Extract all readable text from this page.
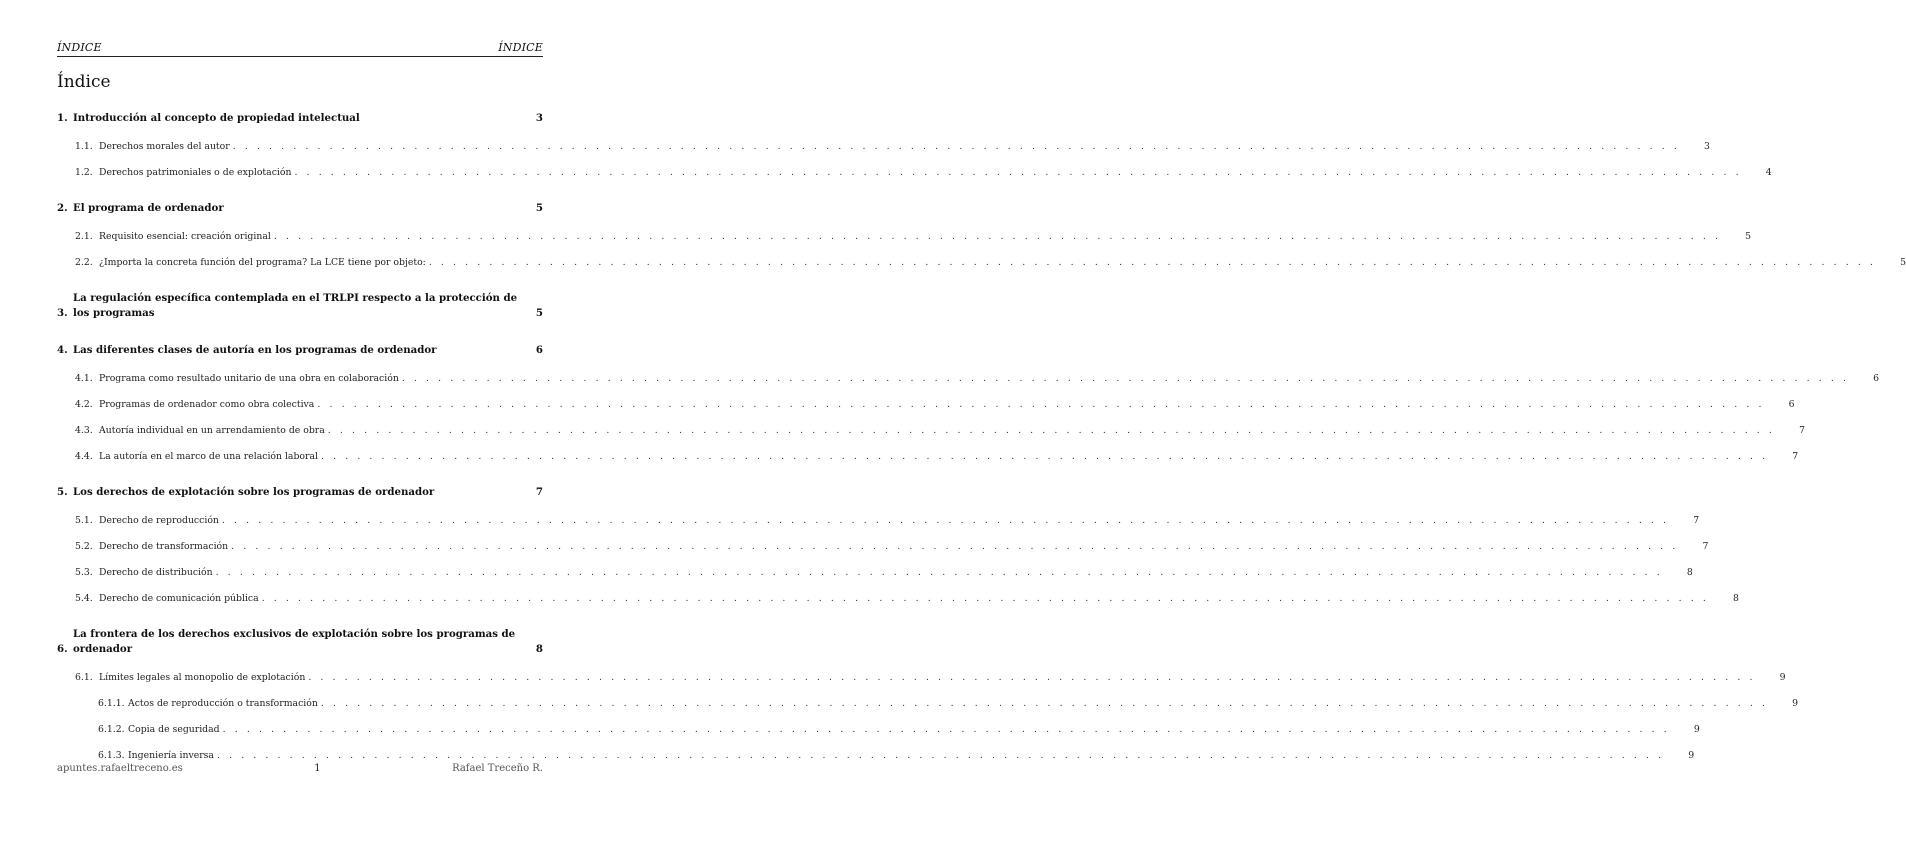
ÍNDICE	ÍNDICE
Índice
1. Introducción al concepto de propiedad intelectual	3
1.1. Derechos morales del autor . . . . . . . . . . . . . . . . . . . . . . . . . . . . . . . . . . . . . . . . . . . . . . . . . . . . . . . . . . . . . . . . . . . . . . . . . . . . . . . . . . . . . . . . . . . . . . . . . . . . . . . . . . . . . . . . . . . . . . . .	3
1.2. Derechos patrimoniales o de explotación . . . . . . . . . . . . . . . . . . . . . . . . . . . . . . . . . . . . . . . . . . . . . . . . . . . . . . . . . . . . . . . . . . . . . . . . . . . . . . . . . . . . . . . . . . . . . . . . . . . . . . . . . . . . . . . . . . . . . . . .	4
2. El programa de ordenador	5
2.1. Requisito esencial: creación original . . . . . . . . . . . . . . . . . . . . . . . . . . . . . . . . . . . . . . . . . . . . . . . . . . . . . . . . . . . . . . . . . . . . . . . . . . . . . . . . . . . . . . . . . . . . . . . . . . . . . . . . . . . . . . . . . . . . . . . .	5
2.2. ¿Importa la concreta función del programa? La LCE tiene por objeto: . . . . . . . . . . . . . . . . . . . . . . . . . . . . . . . . . . . . . . . . . . . . . . . . . . . . . . . . . . . . . . . . . . . . . . . . . . . . . . . . . . . . . . . . . . . . . . . . . . . . . . . . . . . . . . . . . . . . . . . .	5
3.
La regulación específica contemplada en el TRLPI respecto a la protección de los programas	5
4. Las diferentes clases de autoría en los programas de ordenador	6
4.1. Programa como resultado unitario de una obra en colaboración . . . . . . . . . . . . . . . . . . . . . . . . . . . . . . . . . . . . . . . . . . . . . . . . . . . . . . . . . . . . . . . . . . . . . . . . . . . . . . . . . . . . . . . . . . . . . . . . . . . . . . . . . . . . . . . . . . . . . . . .	6
4.2. Programas de ordenador como obra colectiva . . . . . . . . . . . . . . . . . . . . . . . . . . . . . . . . . . . . . . . . . . . . . . . . . . . . . . . . . . . . . . . . . . . . . . . . . . . . . . . . . . . . . . . . . . . . . . . . . . . . . . . . . . . . . . . . . . . . . . . .	6
4.3. Autoría individual en un arrendamiento de obra . . . . . . . . . . . . . . . . . . . . . . . . . . . . . . . . . . . . . . . . . . . . . . . . . . . . . . . . . . . . . . . . . . . . . . . . . . . . . . . . . . . . . . . . . . . . . . . . . . . . . . . . . . . . . . . . . . . . . . . .	7
4.4. La autoría en el marco de una relación laboral . . . . . . . . . . . . . . . . . . . . . . . . . . . . . . . . . . . . . . . . . . . . . . . . . . . . . . . . . . . . . . . . . . . . . . . . . . . . . . . . . . . . . . . . . . . . . . . . . . . . . . . . . . . . . . . . . . . . . . . .	7
5. Los derechos de explotación sobre los programas de ordenador	7
5.1. Derecho de reproducción . . . . . . . . . . . . . . . . . . . . . . . . . . . . . . . . . . . . . . . . . . . . . . . . . . . . . . . . . . . . . . . . . . . . . . . . . . . . . . . . . . . . . . . . . . . . . . . . . . . . . . . . . . . . . . . . . . . . . . . .	7
5.2. Derecho de transformación . . . . . . . . . . . . . . . . . . . . . . . . . . . . . . . . . . . . . . . . . . . . . . . . . . . . . . . . . . . . . . . . . . . . . . . . . . . . . . . . . . . . . . . . . . . . . . . . . . . . . . . . . . . . . . . . . . . . . . . .	7
5.3. Derecho de distribución . . . . . . . . . . . . . . . . . . . . . . . . . . . . . . . . . . . . . . . . . . . . . . . . . . . . . . . . . . . . . . . . . . . . . . . . . . . . . . . . . . . . . . . . . . . . . . . . . . . . . . . . . . . . . . . . . . . . . . . .	8
5.4. Derecho de comunicación pública . . . . . . . . . . . . . . . . . . . . . . . . . . . . . . . . . . . . . . . . . . . . . . . . . . . . . . . . . . . . . . . . . . . . . . . . . . . . . . . . . . . . . . . . . . . . . . . . . . . . . . . . . . . . . . . . . . . . . . . .	8
6.
La frontera de los derechos exclusivos de explotación sobre los programas de ordenador	8
6.1. Límites legales al monopolio de explotación . . . . . . . . . . . . . . . . . . . . . . . . . . . . . . . . . . . . . . . . . . . . . . . . . . . . . . . . . . . . . . . . . . . . . . . . . . . . . . . . . . . . . . . . . . . . . . . . . . . . . . . . . . . . . . . . . . . . . . . .	9
6.1.1. Actos de reproducción o transformación . . . . . . . . . . . . . . . . . . . . . . . . . . . . . . . . . . . . . . . . . . . . . . . . . . . . . . . . . . . . . . . . . . . . . . . . . . . . . . . . . . . . . . . . . . . . . . . . . . . . . . . . . . . . . . . . . . . . . . . .	9
6.1.2. Copia de seguridad . . . . . . . . . . . . . . . . . . . . . . . . . . . . . . . . . . . . . . . . . . . . . . . . . . . . . . . . . . . . . . . . . . . . . . . . . . . . . . . . . . . . . . . . . . . . . . . . . . . . . . . . . . . . . . . . . . . . . . . .	9
6.1.3. Ingeniería inversa . . . . . . . . . . . . . . . . . . . . . . . . . . . . . . . . . . . . . . . . . . . . . . . . . . . . . . . . . . . . . . . . . . . . . . . . . . . . . . . . . . . . . . . . . . . . . . . . . . . . . . . . . . . . . . . . . . . . . . . .	9
apuntes.rafaeltreceno.es	1	Rafael Treceño R.
